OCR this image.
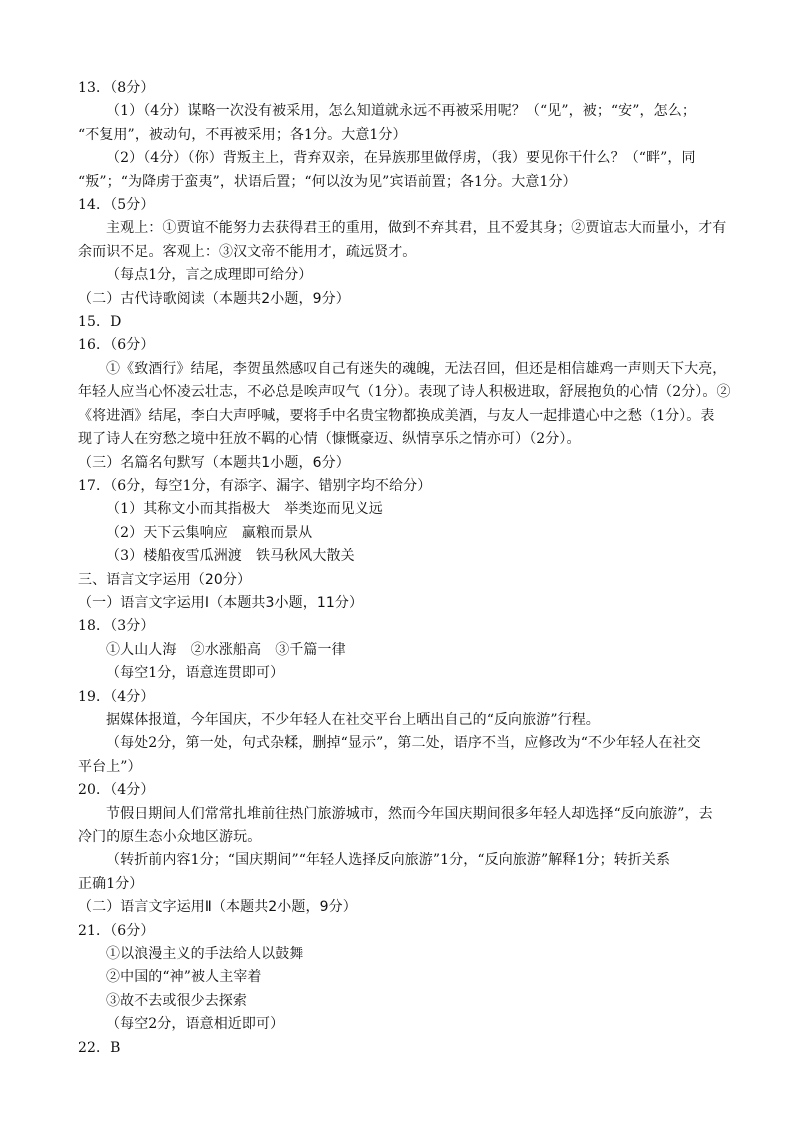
13．（8分）
（1）（4分）谋略一次没有被采用，怎么知道就永远不再被采用呢？（“见”，被；“安”，怎么；
“不复用”，被动句，不再被采用；各1分。大意1分）
（2）（4分）（你）背叛主上，背弃双亲，在异族那里做俘虏，（我）要见你干什么？（“畔”，同
“叛”；“为降虏于蛮夷”，状语后置；“何以汝为见”宾语前置；各1分。大意1分）
14．（5分）
主观上：①贾谊不能努力去获得君王的重用，做到不弃其君，且不爱其身；②贾谊志大而量小，才有
余而识不足。客观上：③汉文帝不能用才，疏远贤才。
（每点1分，言之成理即可给分）
（二）古代诗歌阅读（本题共2小题，9分）
15．D
16．（6分）
①《致酒行》结尾，李贺虽然感叹自己有迷失的魂魄，无法召回，但还是相信雄鸡一声则天下大亮，
年轻人应当心怀凌云壮志，不必总是唉声叹气（1分）。表现了诗人积极进取，舒展抱负的心情（2分）。②
《将进酒》结尾，李白大声呼喊，要将手中名贵宝物都换成美酒，与友人一起排遣心中之愁（1分）。表
现了诗人在穷愁之境中狂放不羁的心情（慷慨豪迈、纵情享乐之情亦可）（2分）。
（三）名篇名句默写（本题共1小题，6分）
17．（6分，每空1分，有添字、漏字、错别字均不给分）
（1）其称文小而其指极大　举类迩而见义远
（2）天下云集响应　赢粮而景从
（3）楼船夜雪瓜洲渡　铁马秋风大散关
三、语言文字运用（20分）
（一）语言文字运用Ⅰ（本题共3小题，11分）
18．（3分）
①人山人海　②水涨船高　③千篇一律
（每空1分，语意连贯即可）
19．（4分）
据媒体报道，今年国庆，不少年轻人在社交平台上晒出自己的“反向旅游”行程。
（每处2分，第一处，句式杂糅，删掉“显示”，第二处，语序不当，应修改为“不少年轻人在社交
平台上”）
20．（4分）
节假日期间人们常常扎堆前往热门旅游城市，然而今年国庆期间很多年轻人却选择“反向旅游”，去
冷门的原生态小众地区游玩。
（转折前内容1分；“国庆期间”“年轻人选择反向旅游”1分，“反向旅游”解释1分；转折关系
正确1分）
（二）语言文字运用Ⅱ（本题共2小题，9分）
21．（6分）
①以浪漫主义的手法给人以鼓舞
②中国的“神”被人主宰着
③故不去或很少去探索
（每空2分，语意相近即可）
22．B
